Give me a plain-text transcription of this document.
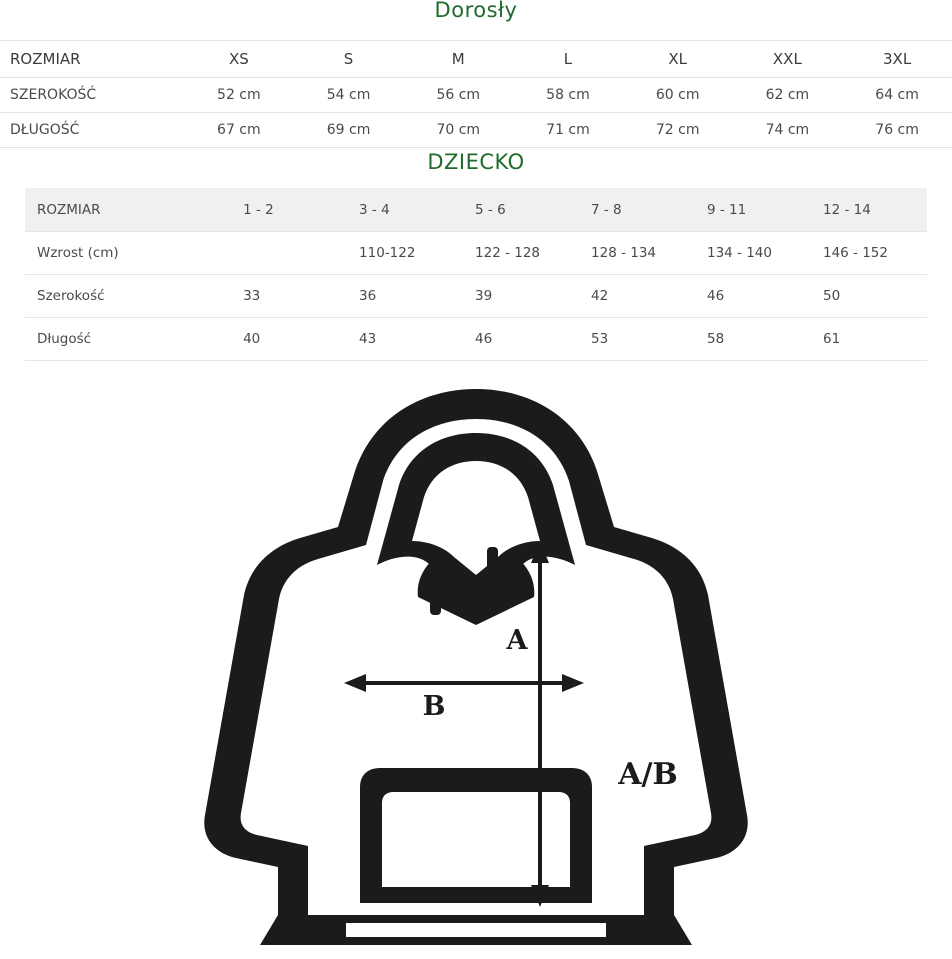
Dorosły
ROZMIAR	XS	S	M	L	XL	XXL	3XL
SZEROKOŚĆ	52 cm	54 cm	56 cm	58 cm	60 cm	62 cm	64 cm
DŁUGOŚĆ	67 cm	69 cm	70 cm	71 cm	72 cm	74 cm	76 cm
DZIECKO
ROZMIAR	1 - 2	3 - 4	5 - 6	7 - 8	9 - 11	12 - 14
Wzrost (cm)		110-122	122 - 128	128 - 134	134 - 140	146 - 152
Szerokość	33	36	39	42	46	50
Długość	40	43	46	53	58	61
A
B
A/B
